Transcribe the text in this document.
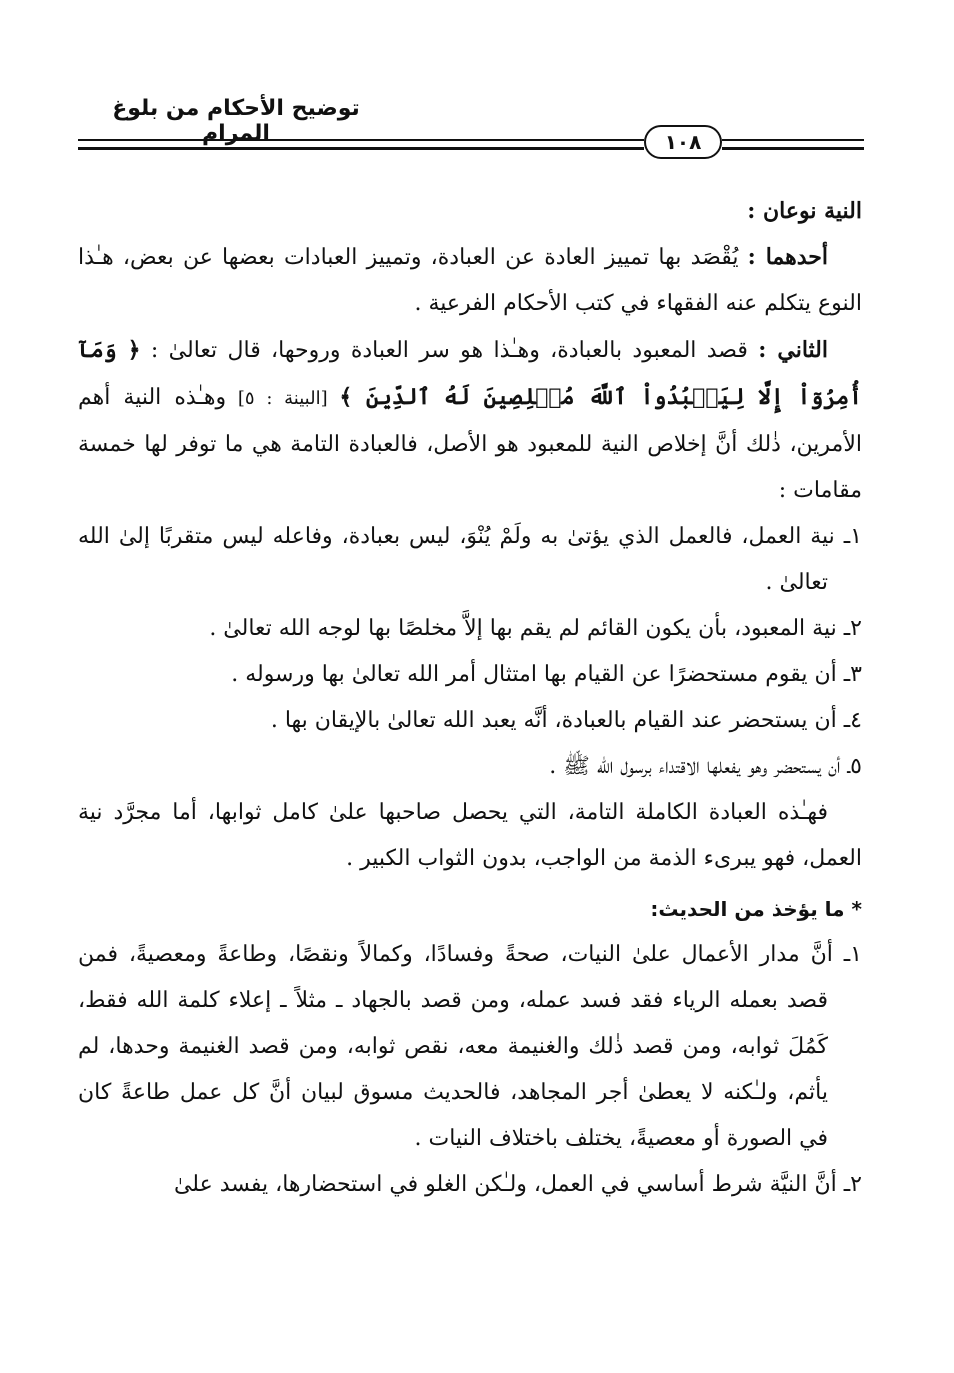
توضيح الأحكام من بلوغ المرام	١٠٨

النية نوعان :

أحدهما : يُقْصَد بها تمييز العادة عن العبادة، وتمييز العبادات بعضها عن بعض، هـٰذا النوع يتكلم عنه الفقهاء في كتب الأحكام الفرعية .

الثاني : قصد المعبود بالعبادة، وهـٰذا هو سر العبادة وروحها، قال تعالىٰ : ﴿ وَمَآ أُمِرُوٓاْ إِلَّا لِيَعۡبُدُواْ ٱللَّهَ مُخۡلِصِينَ لَهُ ٱلدِّينَ ﴾ [البينة : ٥] وهـٰذه النية أهم الأمرين، ذٰلك أنَّ إخلاص النية للمعبود هو الأصل، فالعبادة التامة هي ما توفر لها خمسة مقامات :

١ـ نية العمل، فالعمل الذي يؤتىٰ به ولَمْ يُنْوَ، ليس بعبادة، وفاعله ليس متقربًا إلىٰ الله تعالىٰ .

٢ـ نية المعبود، بأن يكون القائم لم يقم بها إلاَّ مخلصًا بها لوجه الله تعالىٰ .

٣ـ أن يقوم مستحضرًا عن القيام بها امتثال أمر الله تعالىٰ بها ورسوله .

٤ـ أن يستحضر عند القيام بالعبادة، أنَّه يعبد الله تعالىٰ بالإيقان بها .

٥ـ أن يستحضر وهو يفعلها الاقتداء برسول الله ﷺ .

فهـٰذه العبادة الكاملة التامة، التي يحصل صاحبها علىٰ كامل ثوابها، أما مجرَّد نية العمل، فهو يبرىء الذمة من الواجب، بدون الثواب الكبير .

* ما يؤخذ من الحديث:

١ـ أنَّ مدار الأعمال علىٰ النيات، صحةً وفسادًا، وكمالاً ونقصًا، وطاعةً ومعصيةً، فمن قصد بعمله الرياء فقد فسد عمله، ومن قصد بالجهاد ـ مثلاً ـ إعلاء كلمة الله فقط، كَمُلَ ثوابه، ومن قصد ذٰلك والغنيمة معه، نقص ثوابه، ومن قصد الغنيمة وحدها، لم يأثم، ولـٰكنه لا يعطىٰ أجر المجاهد، فالحديث مسوق لبيان أنَّ كل عمل طاعةً كان في الصورة أو معصيةً، يختلف باختلاف النيات .

٢ـ أنَّ النيَّة شرط أساسي في العمل، ولـٰكن الغلو في استحضارها، يفسد علىٰ
